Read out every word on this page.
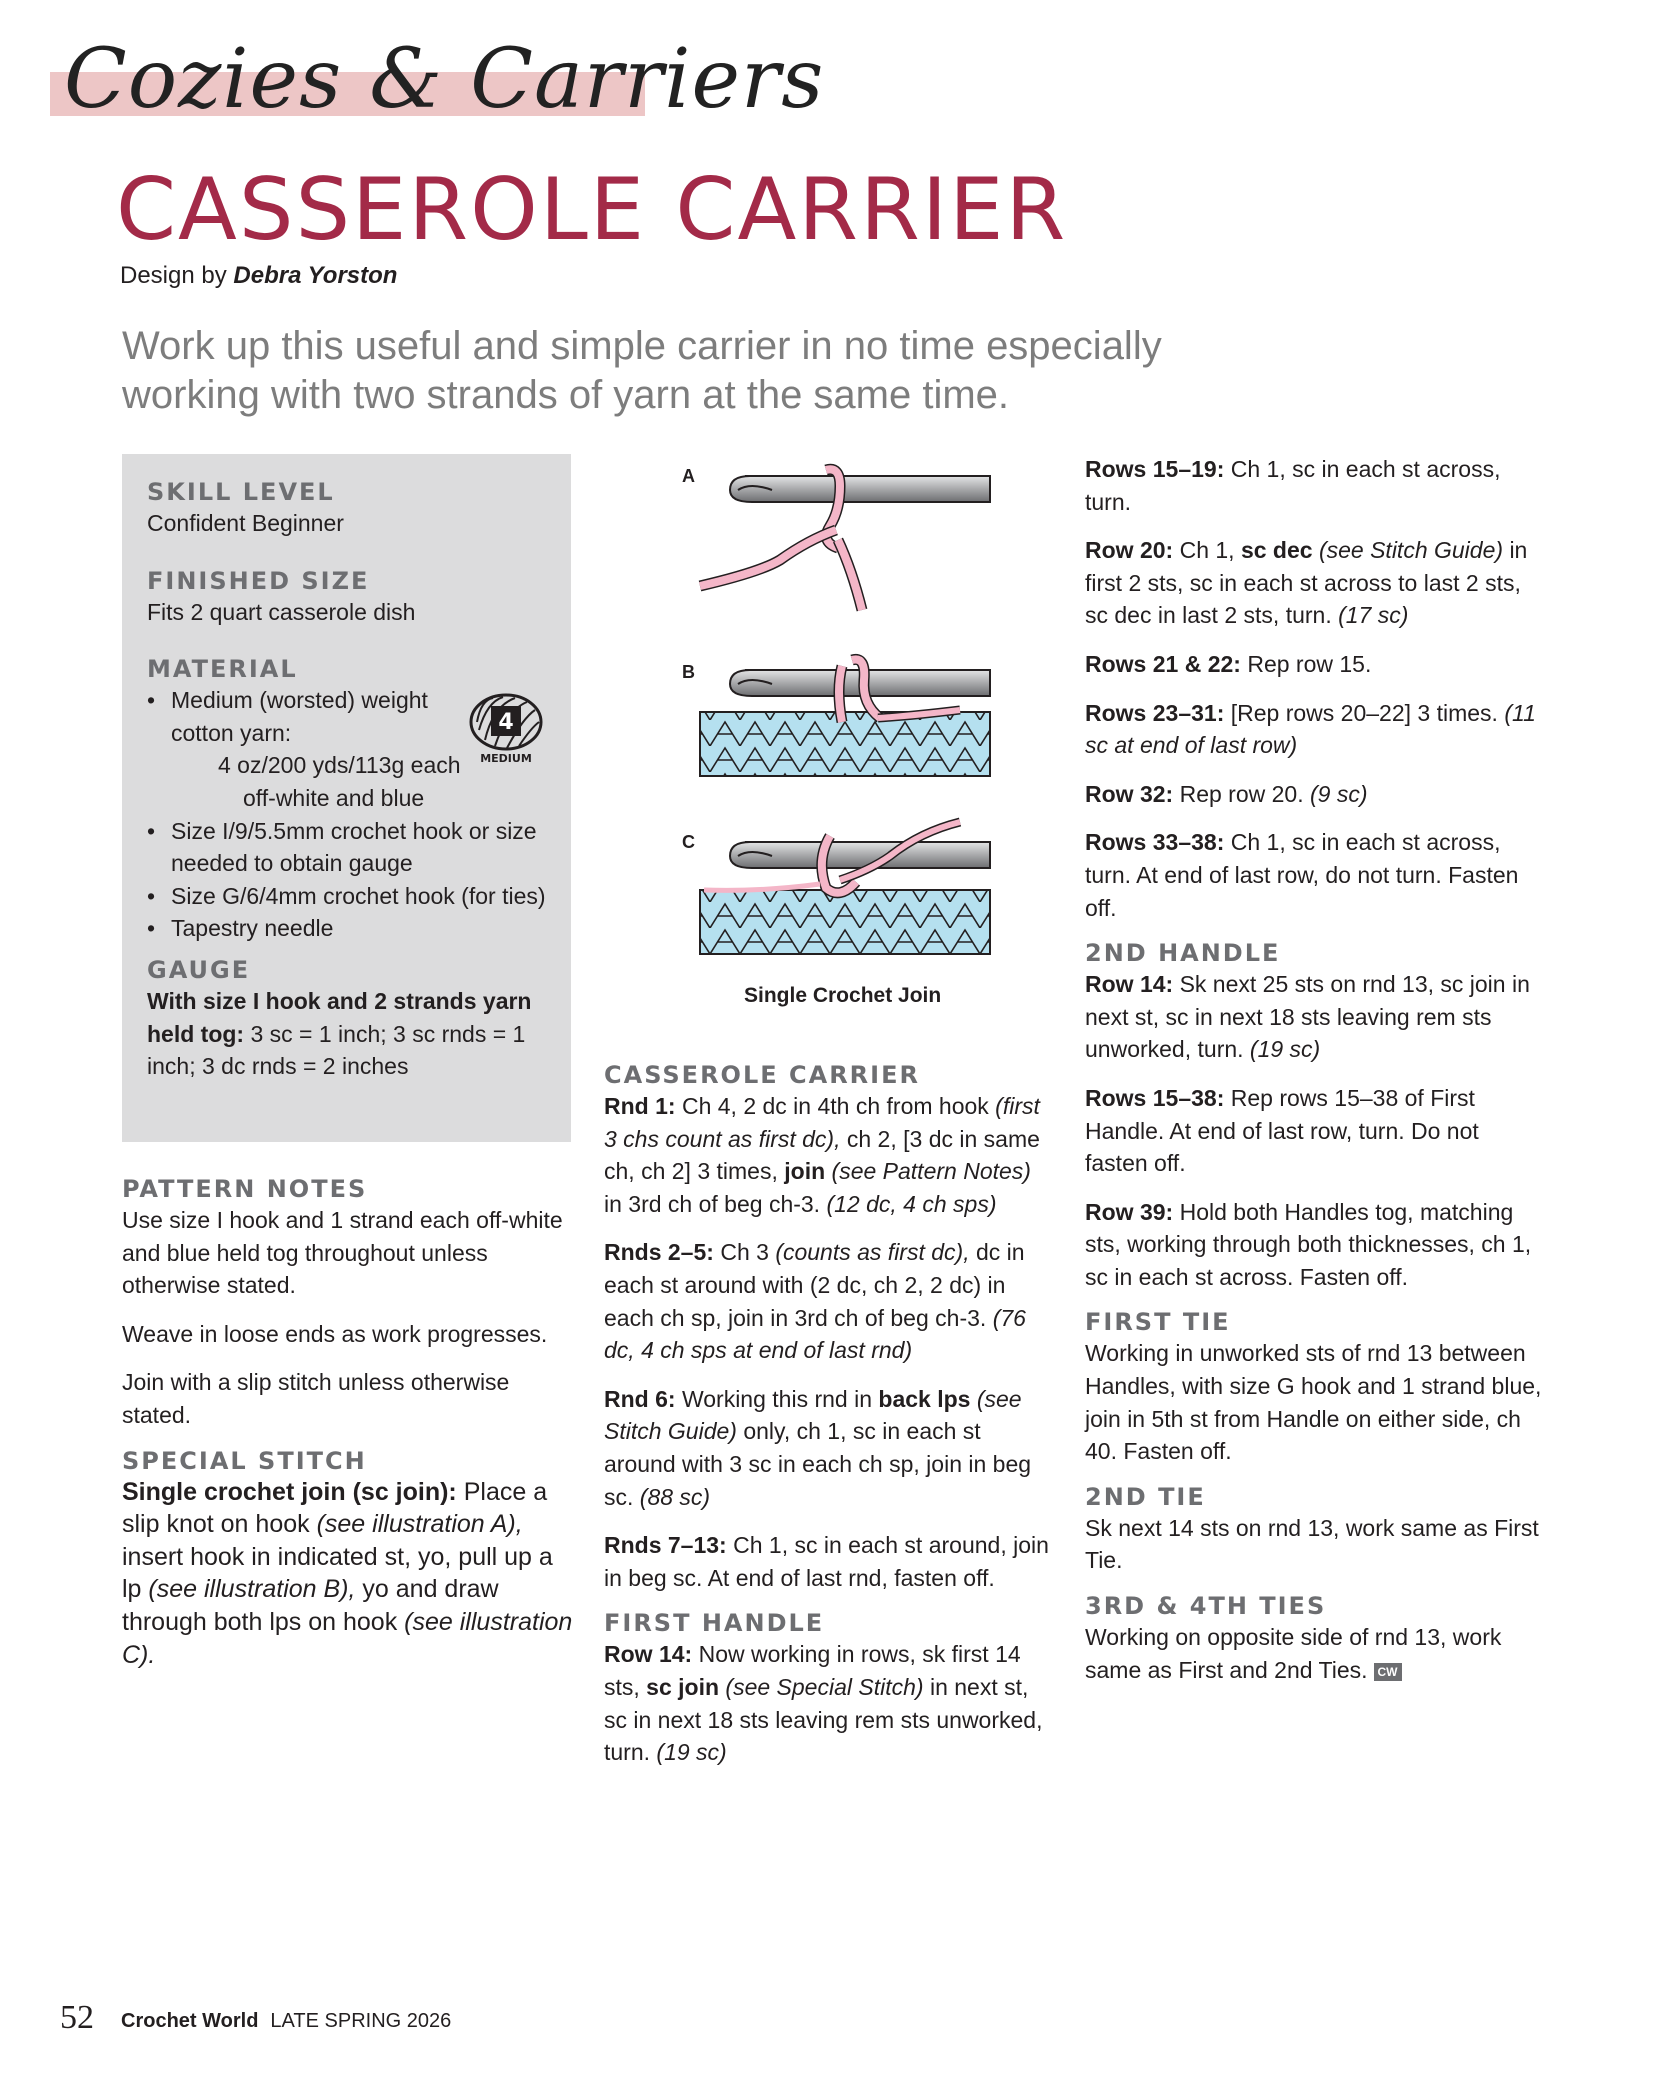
Cozies & Carriers
CASSEROLE CARRIER
Design by Debra Yorston
Work up this useful and simple carrier in no time especially working with two strands of yarn at the same time.
SKILL LEVEL
Confident Beginner
FINISHED SIZE
Fits 2 quart casserole dish
MATERIAL
• Medium (worsted) weight
cotton yarn:
4 oz/200 yds/113g each
off-white and blue
• Size I/9/5.5mm crochet hook or size needed to obtain gauge
• Size G/6/4mm crochet hook (for ties)
• Tapestry needle
GAUGE
With size I hook and 2 strands yarn held tog: 3 sc = 1 inch; 3 sc rnds = 1 inch; 3 dc rnds = 2 inches
4
MEDIUM
PATTERN NOTES

Use size I hook and 1 strand each off-white and blue held tog throughout unless otherwise stated.

Weave in loose ends as work progresses.

Join with a slip stitch unless otherwise stated.

SPECIAL STITCH
Single crochet join (sc join): Place a slip knot on hook (see illustration A), insert hook in indicated st, yo, pull up a lp (see illustration B), yo and draw through both lps on hook (see illustration C).
A
B
C
Single Crochet Join
CASSEROLE CARRIER

Rnd 1: Ch 4, 2 dc in 4th ch from hook (first 3 chs count as first dc), ch 2, [3 dc in same ch, ch 2] 3 times, join (see Pattern Notes) in 3rd ch of beg ch-3. (12 dc, 4 ch sps)

Rnds 2–5: Ch 3 (counts as first dc), dc in each st around with (2 dc, ch 2, 2 dc) in each ch sp, join in 3rd ch of beg ch-3. (76 dc, 4 ch sps at end of last rnd)

Rnd 6: Working this rnd in back lps (see Stitch Guide) only, ch 1, sc in each st around with 3 sc in each ch sp, join in beg sc. (88 sc)

Rnds 7–13: Ch 1, sc in each st around, join in beg sc. At end of last rnd, fasten off.

FIRST HANDLE

Row 14: Now working in rows, sk first 14 sts, sc join (see Special Stitch) in next st, sc in next 18 sts leaving rem sts unworked, turn. (19 sc)

Rows 15–19: Ch 1, sc in each st across, turn.

Row 20: Ch 1, sc dec (see Stitch Guide) in first 2 sts, sc in each st across to last 2 sts, sc dec in last 2 sts, turn. (17 sc)

Rows 21 & 22: Rep row 15.

Rows 23–31: [Rep rows 20–22] 3 times. (11 sc at end of last row)

Row 32: Rep row 20. (9 sc)

Rows 33–38: Ch 1, sc in each st across, turn. At end of last row, do not turn. Fasten off.

2ND HANDLE

Row 14: Sk next 25 sts on rnd 13, sc join in next st, sc in next 18 sts leaving rem sts unworked, turn. (19 sc)

Rows 15–38: Rep rows 15–38 of First Handle. At end of last row, turn. Do not fasten off.

Row 39: Hold both Handles tog, matching sts, working through both thicknesses, ch 1, sc in each st across. Fasten off.

FIRST TIE

Working in unworked sts of rnd 13 between Handles, with size G hook and 1 strand blue, join in 5th st from Handle on either side, ch 40. Fasten off.

2ND TIE

Sk next 14 sts on rnd 13, work same as First Tie.

3RD & 4TH TIES

Working on opposite side of rnd 13, work same as First and 2nd Ties. CW

52 Crochet World LATE SPRING 2026
